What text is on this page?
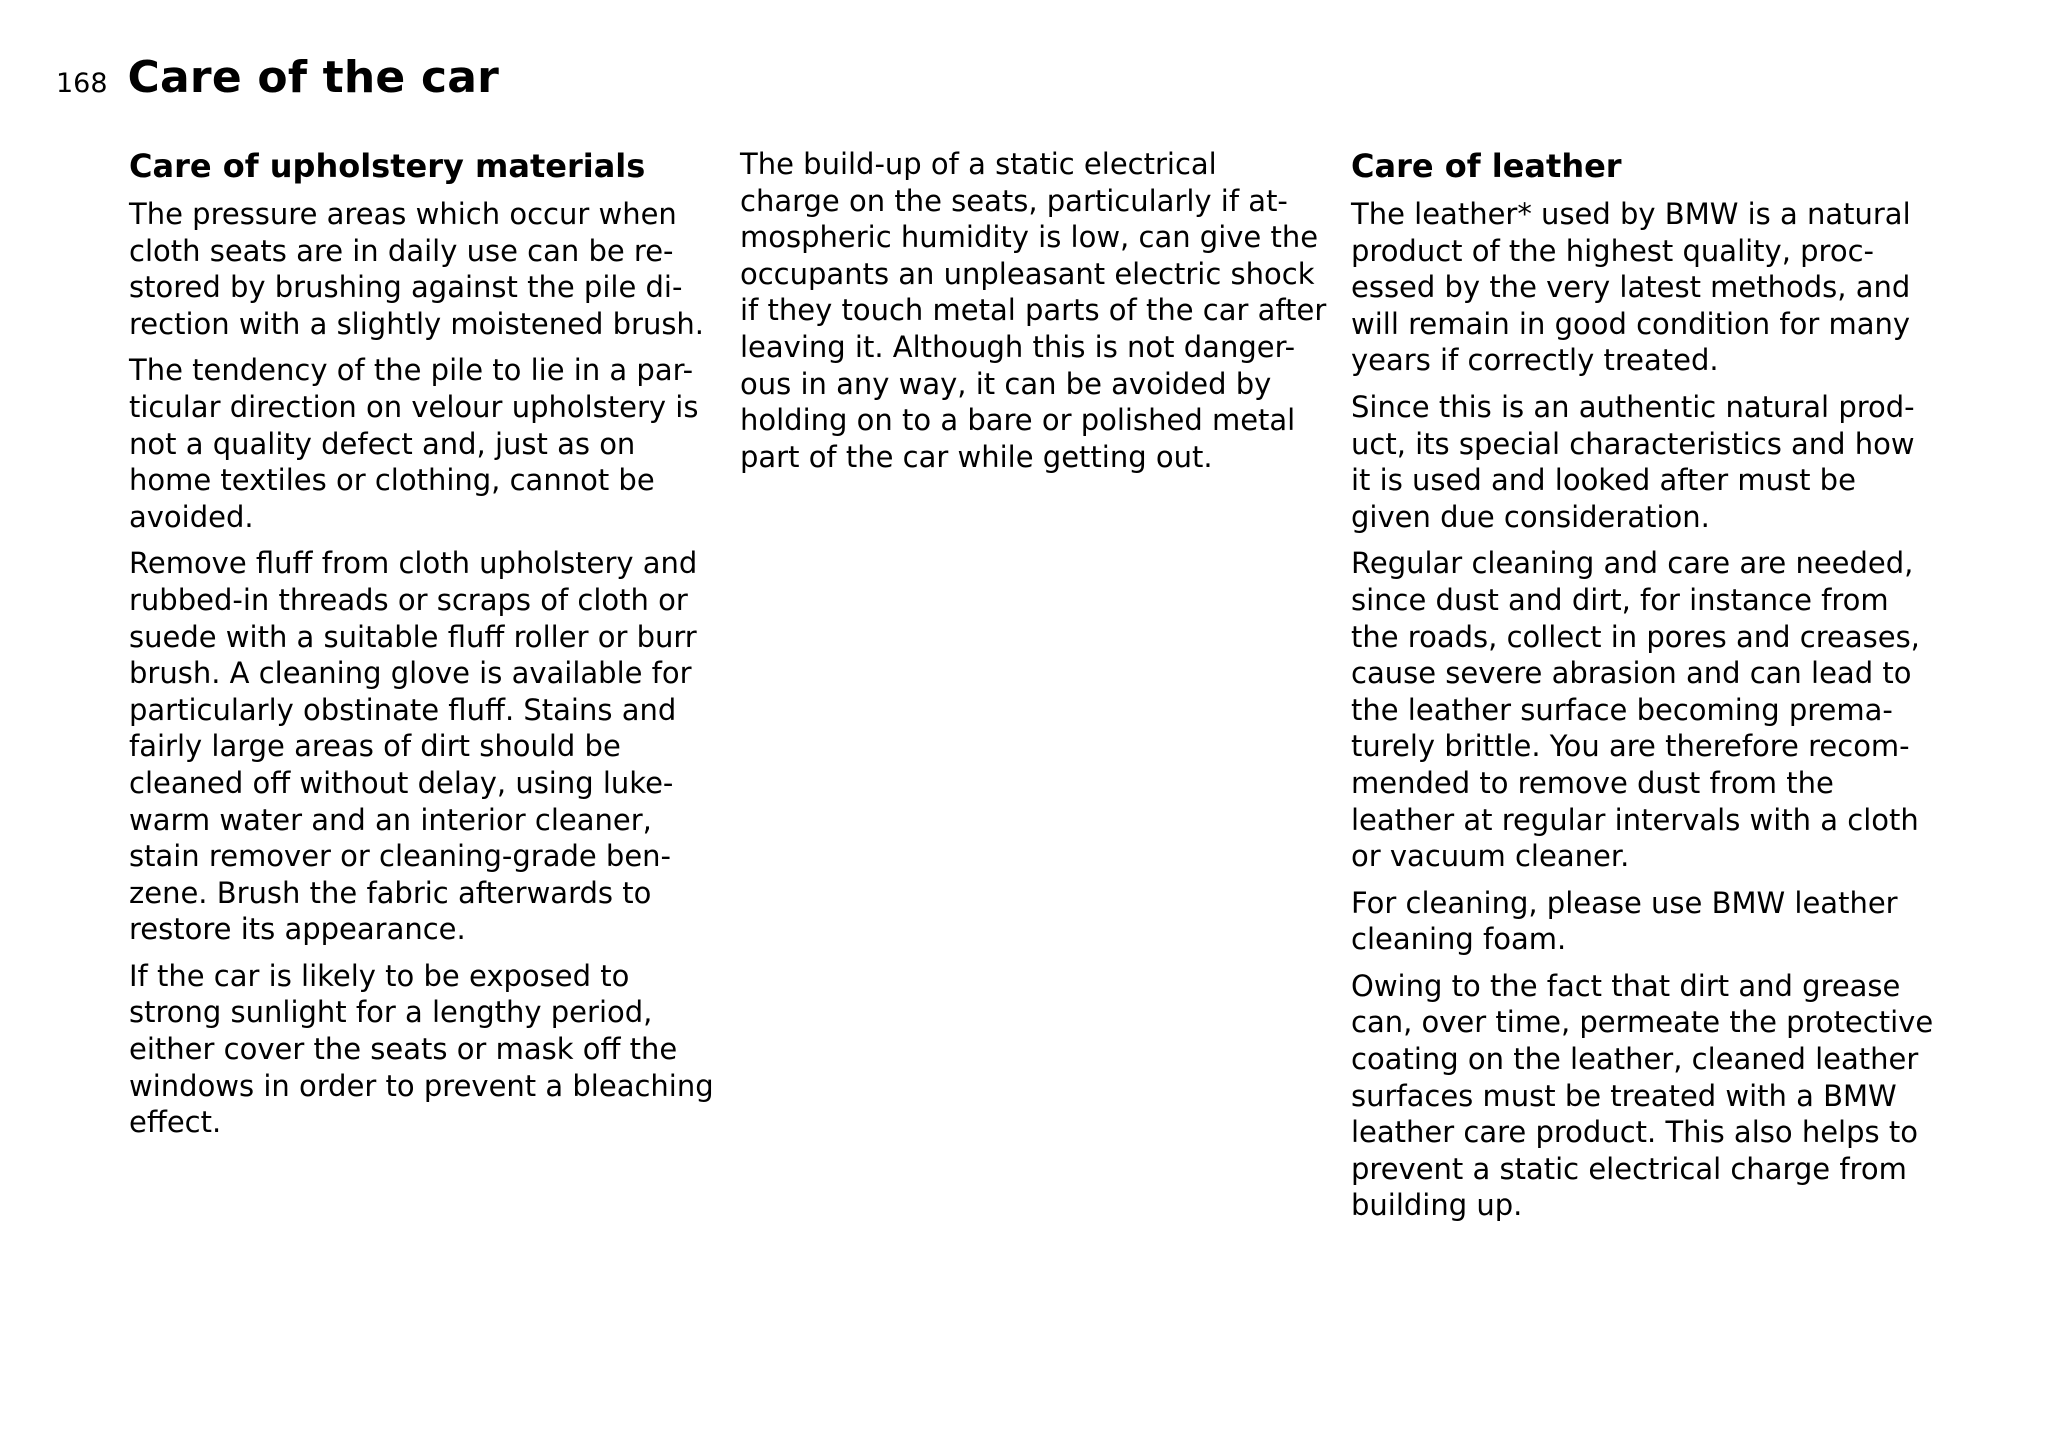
168 Care of the car
Care of upholstery materials

The pressure areas which occur when
cloth seats are in daily use can be re-
stored by brushing against the pile di-
rection with a slightly moistened brush.

The tendency of the pile to lie in a par-
ticular direction on velour upholstery is
not a quality defect and, just as on
home textiles or clothing, cannot be
avoided.

Remove fluff from cloth upholstery and
rubbed-in threads or scraps of cloth or
suede with a suitable fluff roller or burr
brush. A cleaning glove is available for
particularly obstinate fluff. Stains and
fairly large areas of dirt should be
cleaned off without delay, using luke-
warm water and an interior cleaner,
stain remover or cleaning-grade ben-
zene. Brush the fabric afterwards to
restore its appearance.

If the car is likely to be exposed to
strong sunlight for a lengthy period,
either cover the seats or mask off the
windows in order to prevent a bleaching
effect.

The build-up of a static electrical
charge on the seats, particularly if at-
mospheric humidity is low, can give the
occupants an unpleasant electric shock
if they touch metal parts of the car after
leaving it. Although this is not danger-
ous in any way, it can be avoided by
holding on to a bare or polished metal
part of the car while getting out.

Care of leather

The leather* used by BMW is a natural
product of the highest quality, proc-
essed by the very latest methods, and
will remain in good condition for many
years if correctly treated.

Since this is an authentic natural prod-
uct, its special characteristics and how
it is used and looked after must be
given due consideration.

Regular cleaning and care are needed,
since dust and dirt, for instance from
the roads, collect in pores and creases,
cause severe abrasion and can lead to
the leather surface becoming prema-
turely brittle. You are therefore recom-
mended to remove dust from the
leather at regular intervals with a cloth
or vacuum cleaner.

For cleaning, please use BMW leather
cleaning foam.

Owing to the fact that dirt and grease
can, over time, permeate the protective
coating on the leather, cleaned leather
surfaces must be treated with a BMW
leather care product. This also helps to
prevent a static electrical charge from
building up.
